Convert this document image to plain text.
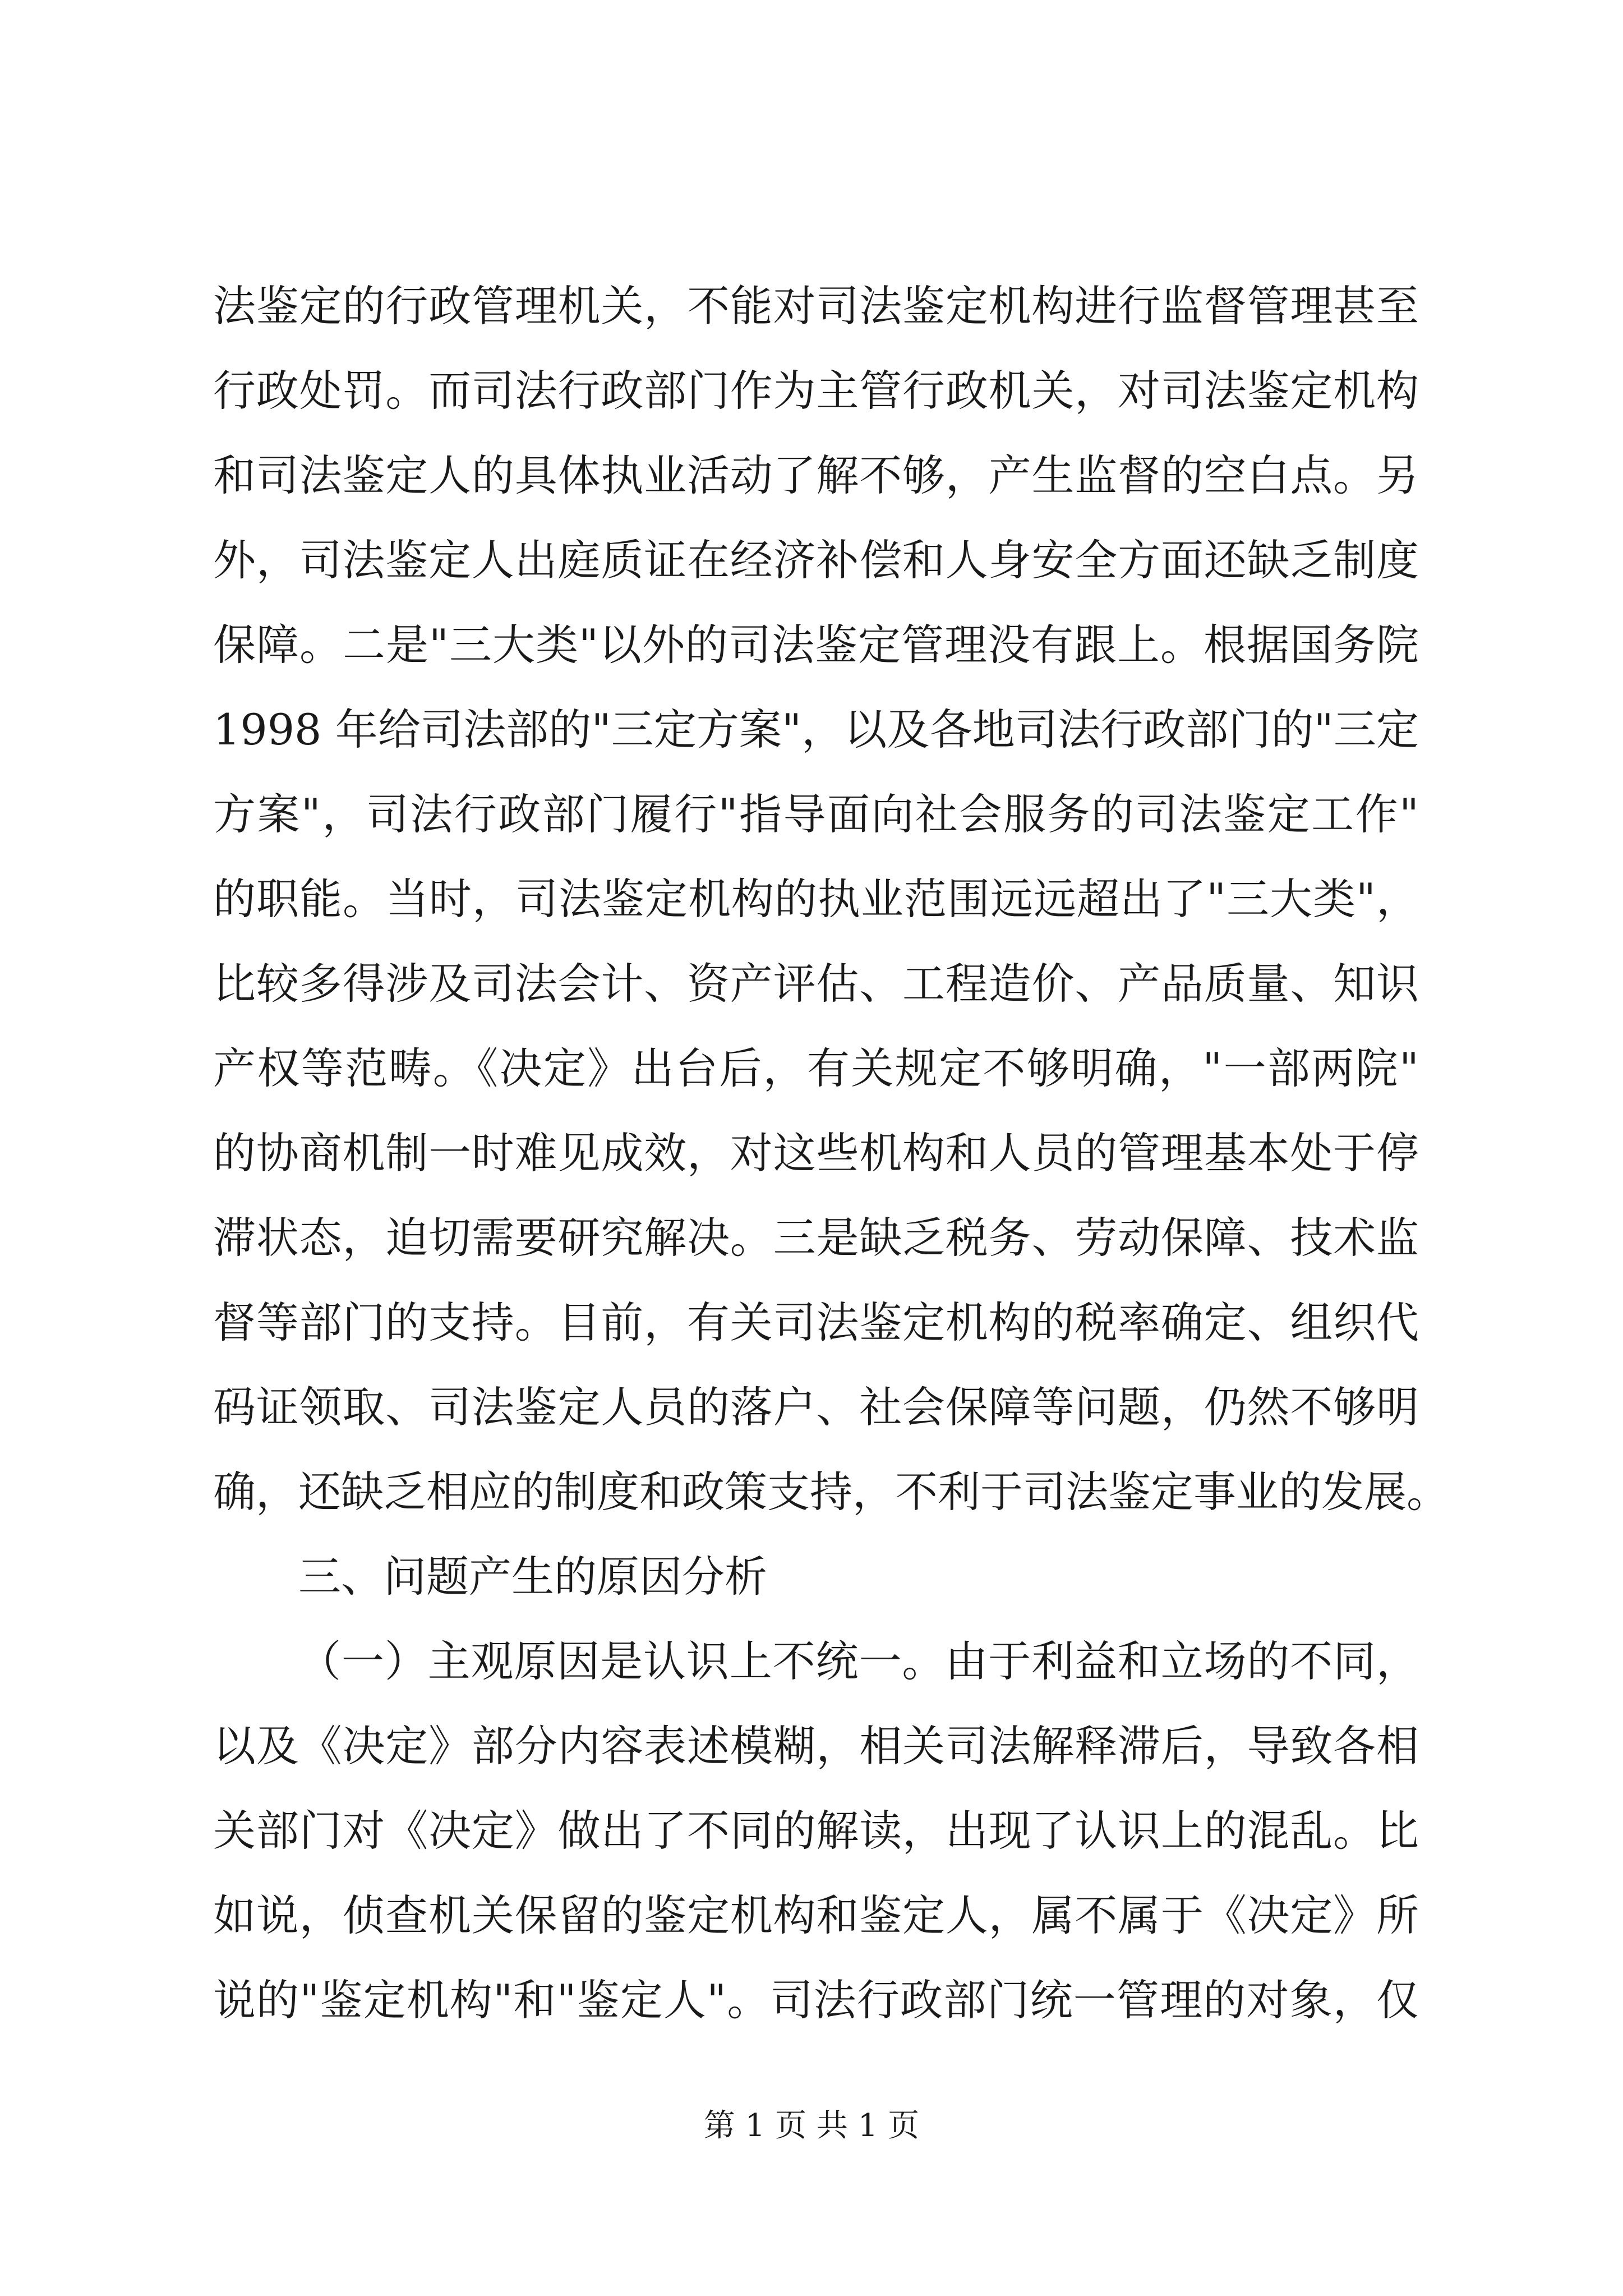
法鉴定的行政管理机关，不能对司法鉴定机构进行监督管理甚至
行政处罚。而司法行政部门作为主管行政机关，对司法鉴定机构
和司法鉴定人的具体执业活动了解不够，产生监督的空白点。另
外，司法鉴定人出庭质证在经济补偿和人身安全方面还缺乏制度
保障。二是"三大类"以外的司法鉴定管理没有跟上。根据国务院
1998 年给司法部的"三定方案"，以及各地司法行政部门的"三定
方案"，司法行政部门履行"指导面向社会服务的司法鉴定工作"
的职能。当时，司法鉴定机构的执业范围远远超出了"三大类"，
比较多得涉及司法会计、资产评估、工程造价、产品质量、知识
产权等范畴。《决定》出台后，有关规定不够明确，"一部两院"
的协商机制一时难见成效，对这些机构和人员的管理基本处于停
滞状态，迫切需要研究解决。三是缺乏税务、劳动保障、技术监
督等部门的支持。目前，有关司法鉴定机构的税率确定、组织代
码证领取、司法鉴定人员的落户、社会保障等问题，仍然不够明
确，还缺乏相应的制度和政策支持，不利于司法鉴定事业的发展。
三、问题产生的原因分析
（一）主观原因是认识上不统一。由于利益和立场的不同，
以及《决定》部分内容表述模糊，相关司法解释滞后，导致各相
关部门对《决定》做出了不同的解读，出现了认识上的混乱。比
如说，侦查机关保留的鉴定机构和鉴定人，属不属于《决定》所
说的"鉴定机构"和"鉴定人"。司法行政部门统一管理的对象，仅
第 1 页 共 1 页
